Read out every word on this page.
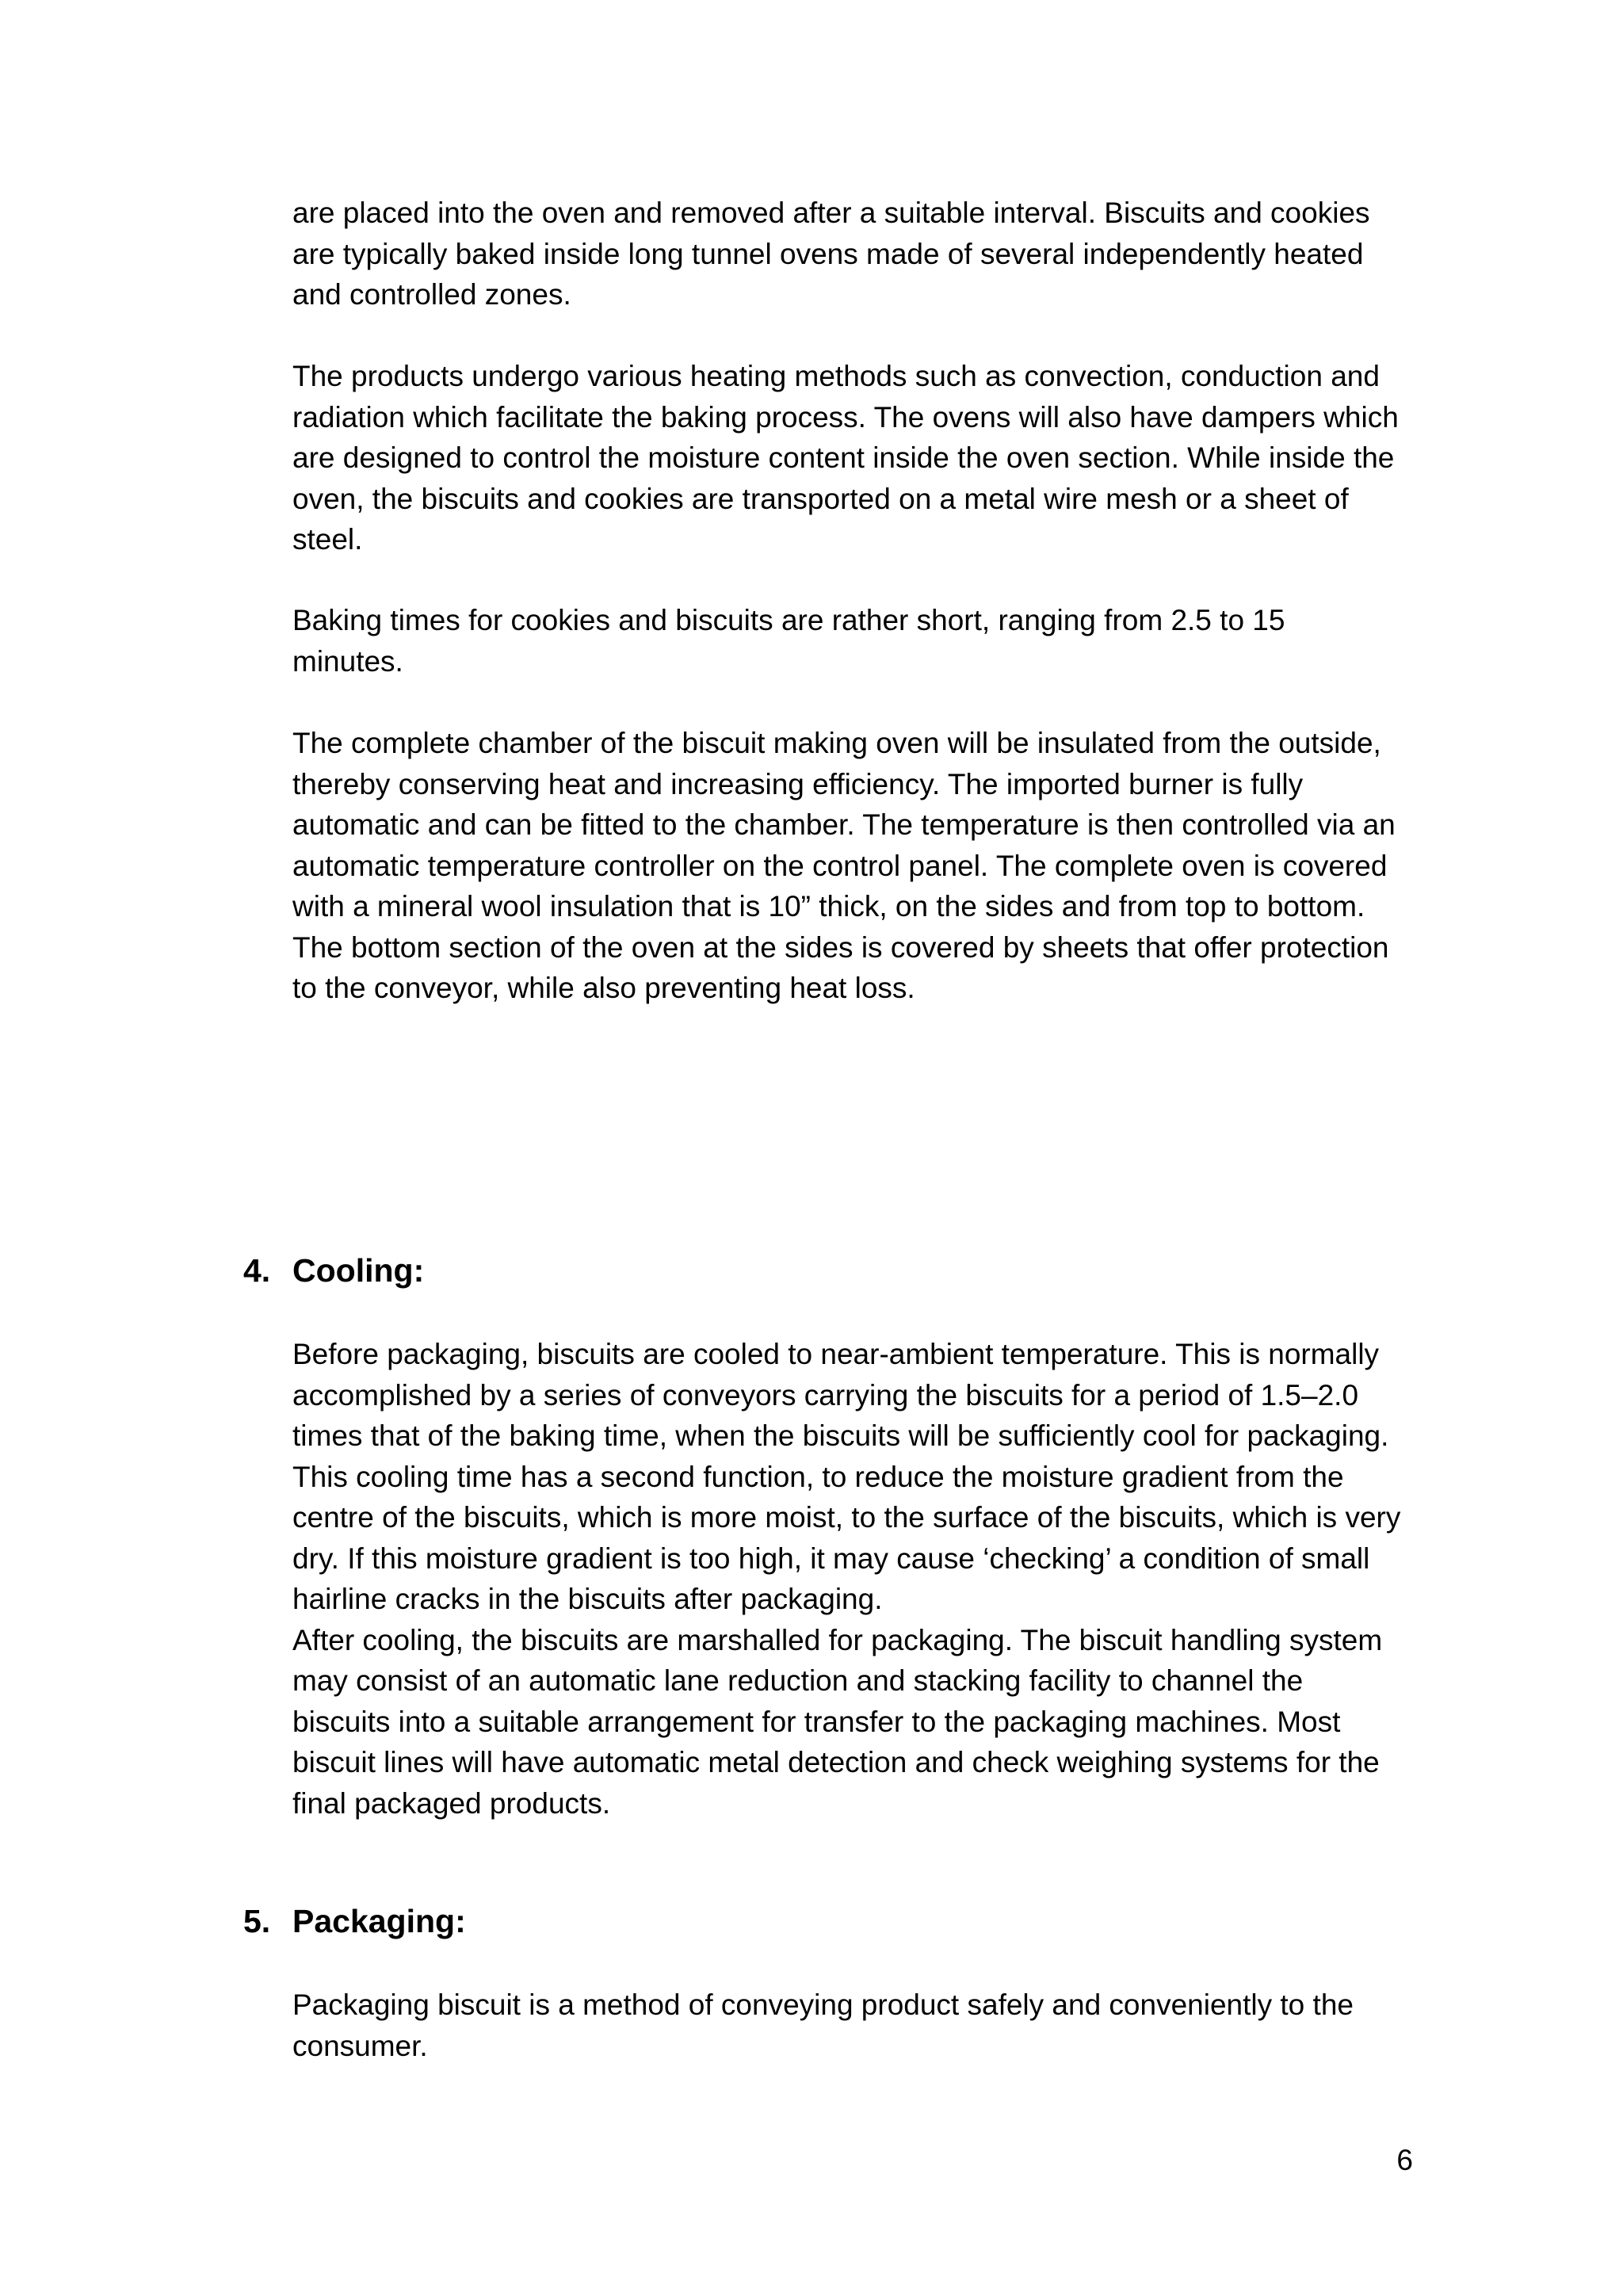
are placed into the oven and removed after a suitable interval. Biscuits and cookies
are typically baked inside long tunnel ovens made of several independently heated
and controlled zones.

The products undergo various heating methods such as convection, conduction and
radiation which facilitate the baking process. The ovens will also have dampers which
are designed to control the moisture content inside the oven section. While inside the
oven, the biscuits and cookies are transported on a metal wire mesh or a sheet of
steel.

Baking times for cookies and biscuits are rather short, ranging from 2.5 to 15
minutes.

The complete chamber of the biscuit making oven will be insulated from the outside,
thereby conserving heat and increasing efficiency. The imported burner is fully
automatic and can be fitted to the chamber. The temperature is then controlled via an
automatic temperature controller on the control panel. The complete oven is covered
with a mineral wool insulation that is 10” thick, on the sides and from top to bottom.
The bottom section of the oven at the sides is covered by sheets that offer protection
to the conveyor, while also preventing heat loss.

4. Cooling:

Before packaging, biscuits are cooled to near-ambient temperature. This is normally
accomplished by a series of conveyors carrying the biscuits for a period of 1.5–2.0
times that of the baking time, when the biscuits will be sufficiently cool for packaging.
This cooling time has a second function, to reduce the moisture gradient from the
centre of the biscuits, which is more moist, to the surface of the biscuits, which is very
dry. If this moisture gradient is too high, it may cause ‘checking’ a condition of small
hairline cracks in the biscuits after packaging.
After cooling, the biscuits are marshalled for packaging. The biscuit handling system
may consist of an automatic lane reduction and stacking facility to channel the
biscuits into a suitable arrangement for transfer to the packaging machines. Most
biscuit lines will have automatic metal detection and check weighing systems for the
final packaged products.

5. Packaging:

Packaging biscuit is a method of conveying product safely and conveniently to the
consumer.

6
